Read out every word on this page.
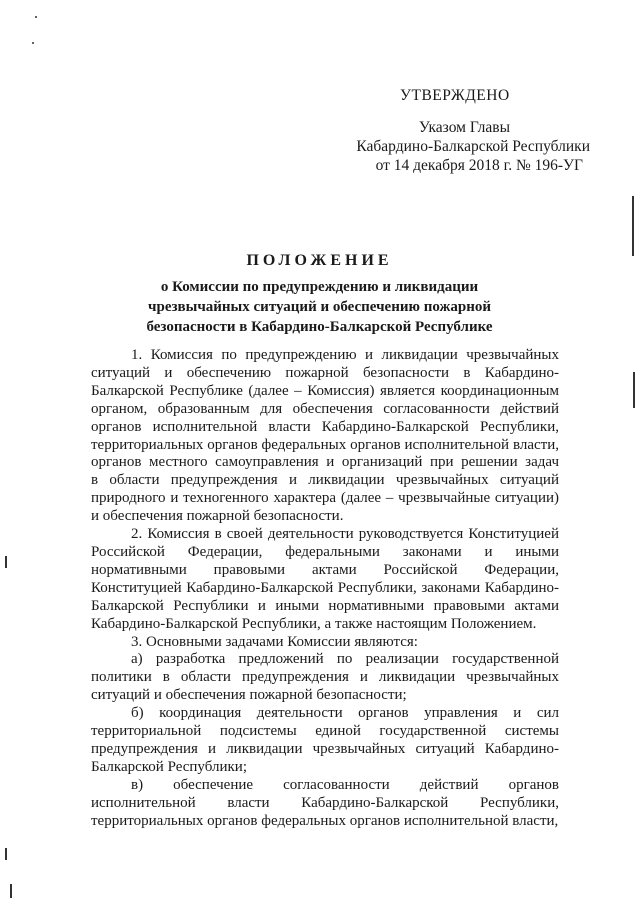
УТВЕРЖДЕНО
Указом Главы
Кабардино-Балкарской Республики
от 14 декабря 2018 г. № 196-УГ
ПОЛОЖЕНИЕ
о Комиссии по предупреждению и ликвидации
чрезвычайных ситуаций и обеспечению пожарной
безопасности в Кабардино-Балкарской Республике

1. Комиссия по предупреждению и ликвидации чрезвычайных
ситуаций и обеспечению пожарной безопасности в Кабардино-
Балкарской Республике (далее – Комиссия) является координационным
органом, образованным для обеспечения согласованности действий
органов исполнительной власти Кабардино-Балкарской Республики,
территориальных органов федеральных органов исполнительной власти,
органов местного самоуправления и организаций при решении задач
в области предупреждения и ликвидации чрезвычайных ситуаций
природного и техногенного характера (далее – чрезвычайные ситуации)
и обеспечения пожарной безопасности.

2. Комиссия в своей деятельности руководствуется Конституцией
Российской Федерации, федеральными законами и иными
нормативными правовыми актами Российской Федерации,
Конституцией Кабардино-Балкарской Республики, законами Кабардино-
Балкарской Республики и иными нормативными правовыми актами
Кабардино-Балкарской Республики, а также настоящим Положением.

3. Основными задачами Комиссии являются:

а) разработка предложений по реализации государственной
политики в области предупреждения и ликвидации чрезвычайных
ситуаций и обеспечения пожарной безопасности;

б) координация деятельности органов управления и сил
территориальной подсистемы единой государственной системы
предупреждения и ликвидации чрезвычайных ситуаций Кабардино-
Балкарской Республики;

в) обеспечение согласованности действий органов
исполнительной власти Кабардино-Балкарской Республики,
территориальных органов федеральных органов исполнительной власти,
